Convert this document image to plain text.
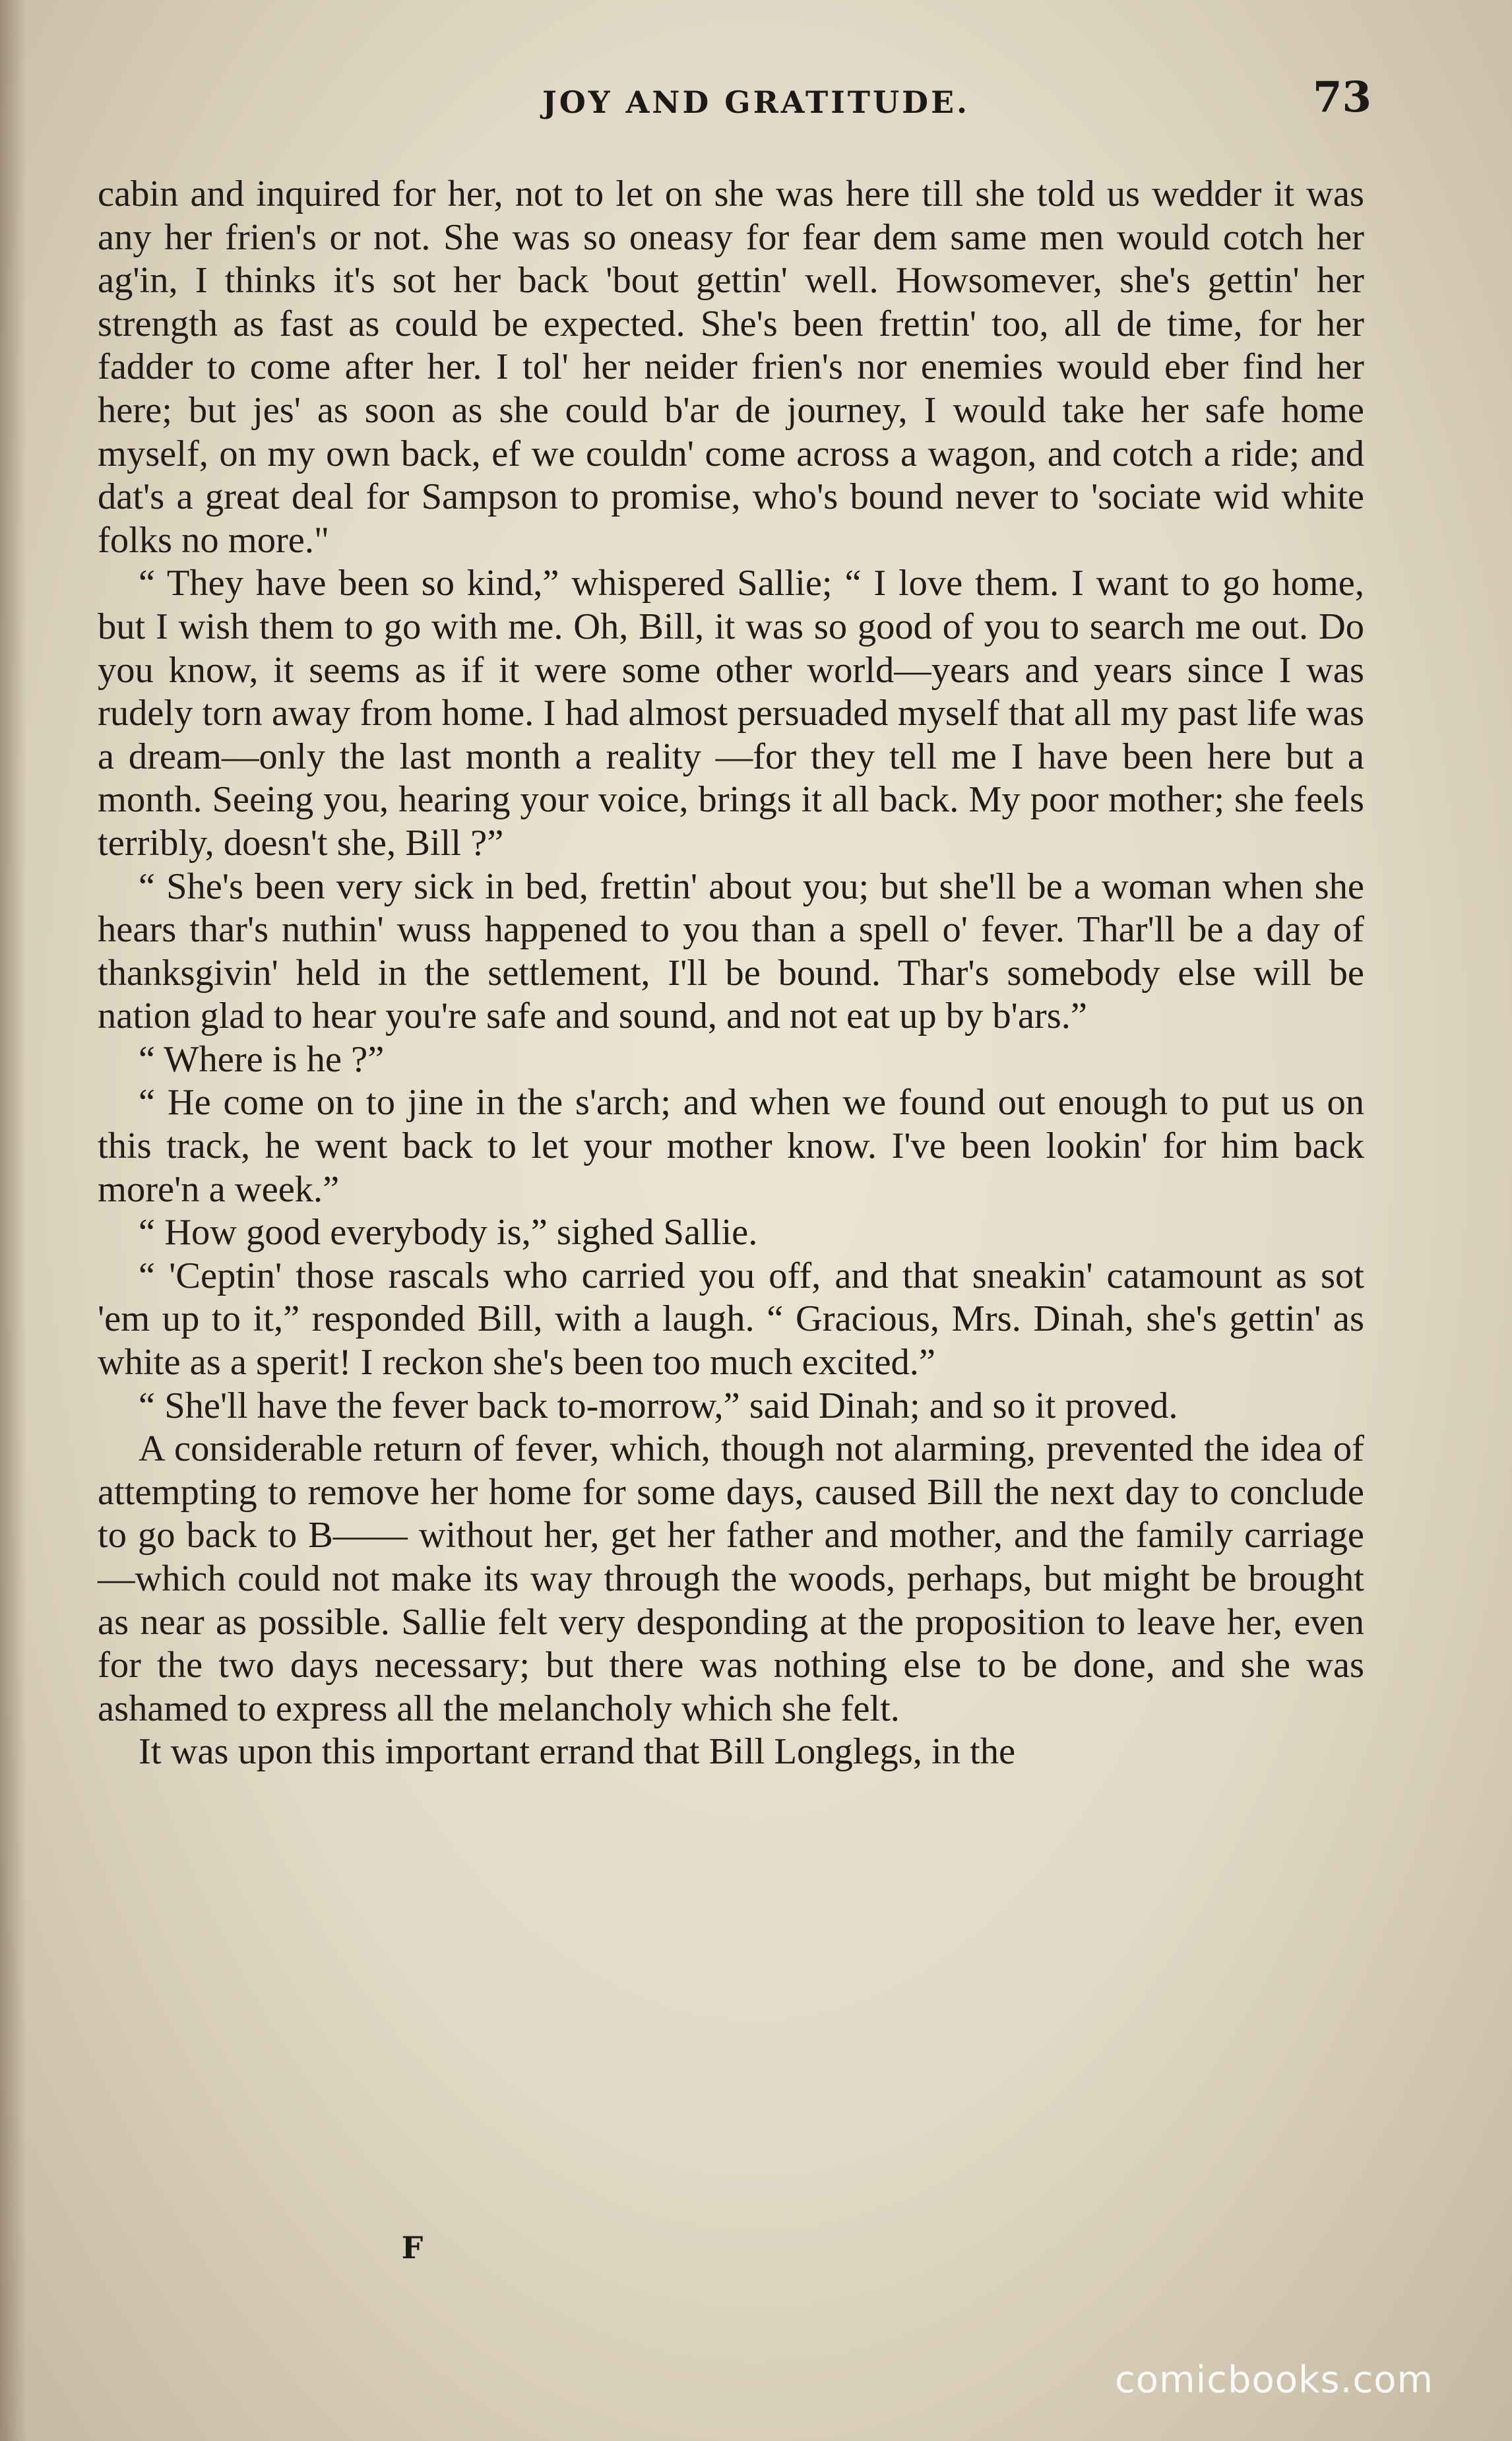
JOY AND GRATITUDE.	73

cabin and inquired for her, not to let on she was here till she told us wedder it was any her frien's or not. She was so oneasy for fear dem same men would cotch her ag'in, I thinks it's sot her back 'bout gettin' well. Howsomever, she's gettin' her strength as fast as could be expected. She's been frettin' too, all de time, for her fadder to come after her. I tol' her neider frien's nor enemies would eber find her here; but jes' as soon as she could b'ar de journey, I would take her safe home myself, on my own back, ef we couldn' come across a wagon, and cotch a ride; and dat's a great deal for Sampson to promise, who's bound never to 'sociate wid white folks no more."

“ They have been so kind,” whispered Sallie; “ I love them. I want to go home, but I wish them to go with me. Oh, Bill, it was so good of you to search me out. Do you know, it seems as if it were some other world—years and years since I was rudely torn away from home. I had almost persuaded myself that all my past life was a dream—only the last month a reality —for they tell me I have been here but a month. Seeing you, hearing your voice, brings it all back. My poor mother; she feels terribly, doesn't she, Bill ?”

“ She's been very sick in bed, frettin' about you; but she'll be a woman when she hears thar's nuthin' wuss happened to you than a spell o' fever. Thar'll be a day of thanksgivin' held in the settlement, I'll be bound. Thar's somebody else will be nation glad to hear you're safe and sound, and not eat up by b'ars.”

“ Where is he ?”

“ He come on to jine in the s'arch; and when we found out enough to put us on this track, he went back to let your mother know. I've been lookin' for him back more'n a week.”

“ How good everybody is,” sighed Sallie.

“ 'Ceptin' those rascals who carried you off, and that sneakin' catamount as sot 'em up to it,” responded Bill, with a laugh. “ Gracious, Mrs. Dinah, she's gettin' as white as a sperit! I reckon she's been too much excited.”

“ She'll have the fever back to-morrow,” said Dinah; and so it proved.

A considerable return of fever, which, though not alarming, prevented the idea of attempting to remove her home for some days, caused Bill the next day to conclude to go back to B—— without her, get her father and mother, and the family carriage —which could not make its way through the woods, perhaps, but might be brought as near as possible. Sallie felt very desponding at the proposition to leave her, even for the two days necessary; but there was nothing else to be done, and she was ashamed to express all the melancholy which she felt.

It was upon this important errand that Bill Longlegs, in the

F
comicbooks.com
